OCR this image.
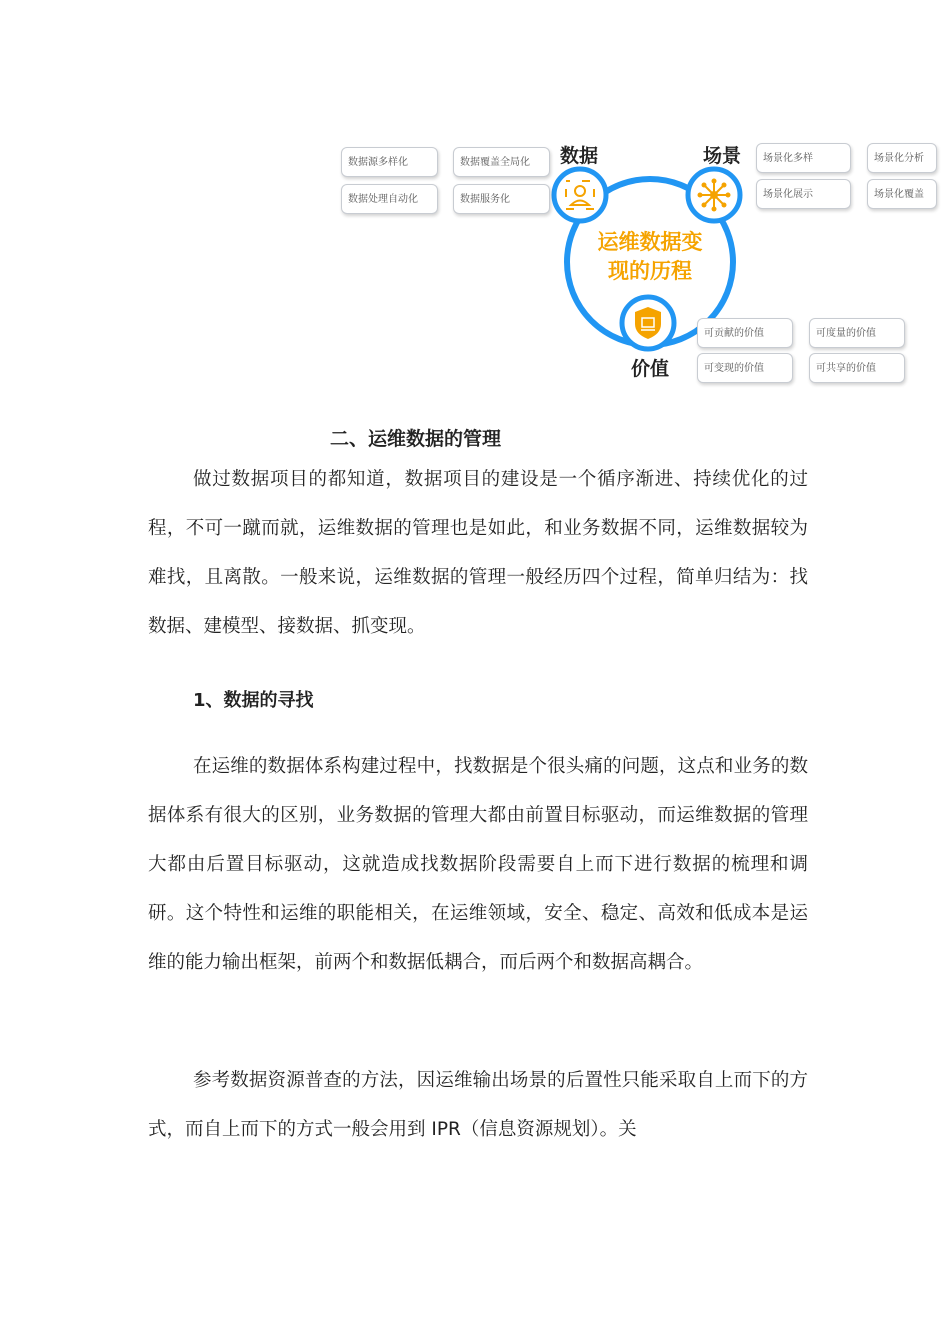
运维数据变
现的历程
数据	场景
价值
数据源多样化	数据覆盖全局化
数据处理自动化	数据服务化
场景化多样	场景化分析
场景化展示	场景化覆盖
可贡献的价值	可度量的价值
可变现的价值	可共享的价值
二、运维数据的管理
做过数据项目的都知道，数据项目的建设是一个循序渐进、持续优化的过程，不可一蹴而就，运维数据的管理也是如此，和业务数据不同，运维数据较为难找，且离散。一般来说，运维数据的管理一般经历四个过程，简单归结为：找数据、建模型、接数据、抓变现。
1、数据的寻找
在运维的数据体系构建过程中，找数据是个很头痛的问题，这点和业务的数据体系有很大的区别，业务数据的管理大都由前置目标驱动，而运维数据的管理大都由后置目标驱动，这就造成找数据阶段需要自上而下进行数据的梳理和调研。这个特性和运维的职能相关，在运维领域，安全、稳定、高效和低成本是运维的能力输出框架，前两个和数据低耦合，而后两个和数据高耦合。
参考数据资源普查的方法，因运维输出场景的后置性只能采取自上而下的方式，而自上而下的方式一般会用到 IPR（信息资源规划）。关
